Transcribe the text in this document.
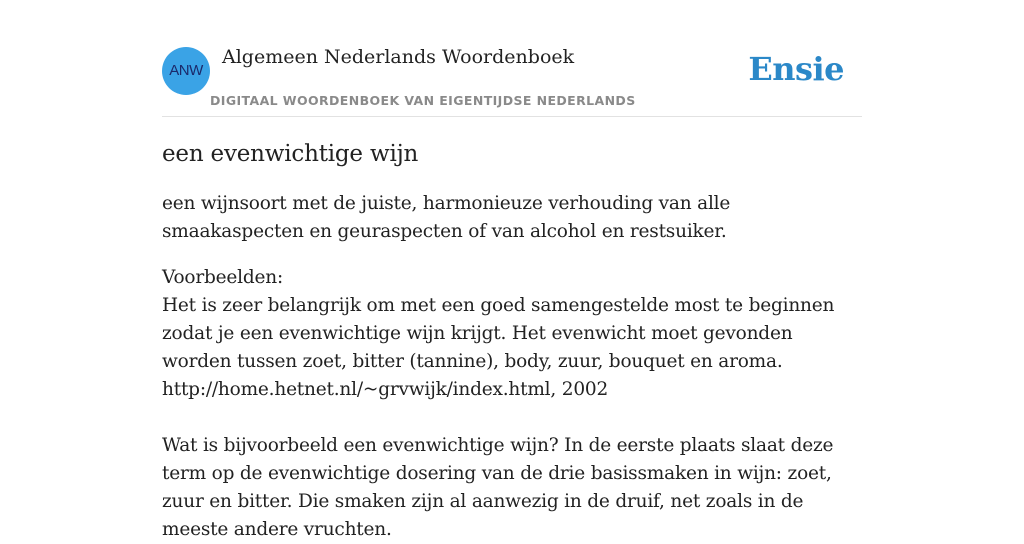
ANW
Algemeen Nederlands Woordenboek
DIGITAAL WOORDENBOEK VAN EIGENTIJDSE NEDERLANDS
Ensie
een evenwichtige wijn

een wijnsoort met de juiste, harmonieuze verhouding van alle smaakaspecten en geuraspecten of van alcohol en restsuiker.

Voorbeelden:

Het is zeer belangrijk om met een goed samengestelde most te beginnen zodat je een evenwichtige wijn krijgt. Het evenwicht moet gevonden worden tussen zoet, bitter (tannine), body, zuur, bouquet en aroma.

http://home.hetnet.nl/~grvwijk/index.html, 2002

Wat is bijvoorbeeld een evenwichtige wijn? In de eerste plaats slaat deze term op de evenwichtige dosering van de drie basissmaken in wijn: zoet, zuur en bitter. Die smaken zijn al aanwezig in de druif, net zoals in de meeste andere vruchten.
